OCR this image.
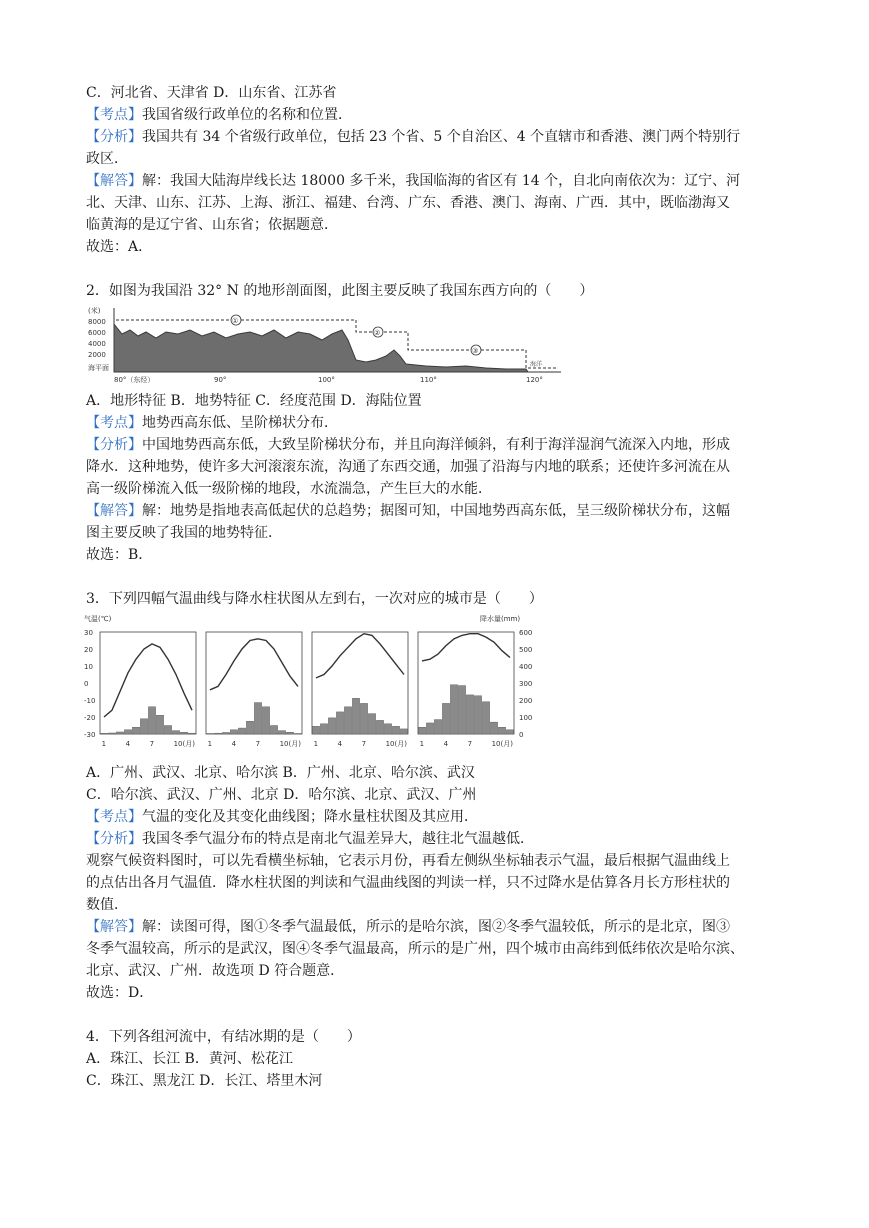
C．河北省、天津省 D．山东省、江苏省

【考点】我国省级行政单位的名称和位置．

【分析】我国共有 34 个省级行政单位，包括 23 个省、5 个自治区、4 个直辖市和香港、澳门两个特别行

政区．

【解答】解：我国大陆海岸线长达 18000 多千米，我国临海的省区有 14 个，自北向南依次为：辽宁、河

北、天津、山东、江苏、上海、浙江、福建、台湾、广东、香港、澳门、海南、广西．其中，既临渤海又

临黄海的是辽宁省、山东省；依据题意．

故选：A．

2．如图为我国沿 32° N 的地形剖面图，此图主要反映了我国东西方向的（　　）

(米)
8000
6000
4000
2000
海平面
①
②
③
海洋
80°（东经）	90°	100°	110°	120°

A．地形特征 B．地势特征 C．经度范围 D．海陆位置

【考点】地势西高东低、呈阶梯状分布．

【分析】中国地势西高东低，大致呈阶梯状分布，并且向海洋倾斜，有利于海洋湿润气流深入内地，形成

降水．这种地势，使许多大河滚滚东流，沟通了东西交通，加强了沿海与内地的联系；还使许多河流在从

高一级阶梯流入低一级阶梯的地段，水流湍急，产生巨大的水能．

【解答】解：地势是指地表高低起伏的总趋势；据图可知，中国地势西高东低，呈三级阶梯状分布，这幅

图主要反映了我国的地势特征．

故选：B．

3．下列四幅气温曲线与降水柱状图从左到右，一次对应的城市是（　　）

气温(℃)	降水量(mm)
30
20
10
0
-10
-20
-30
600
500
400
300
200
100
0
1	4	7	10(月) 1	4	7	10(月) 1	4	7	10(月) 1	4	7	10(月)

A．广州、武汉、北京、哈尔滨 B．广州、北京、哈尔滨、武汉

C．哈尔滨、武汉、广州、北京 D．哈尔滨、北京、武汉、广州

【考点】气温的变化及其变化曲线图；降水量柱状图及其应用．

【分析】我国冬季气温分布的特点是南北气温差异大，越往北气温越低．

观察气候资料图时，可以先看横坐标轴，它表示月份，再看左侧纵坐标轴表示气温，最后根据气温曲线上

的点估出各月气温值．降水柱状图的判读和气温曲线图的判读一样，只不过降水是估算各月长方形柱状的

数值．

【解答】解：读图可得，图①冬季气温最低，所示的是哈尔滨，图②冬季气温较低，所示的是北京，图③

冬季气温较高，所示的是武汉，图④冬季气温最高，所示的是广州，四个城市由高纬到低纬依次是哈尔滨、

北京、武汉、广州．故选项 D 符合题意．

故选：D．

4．下列各组河流中，有结冰期的是（　　）

A．珠江、长江 B．黄河、松花江

C．珠江、黑龙江 D．长江、塔里木河
